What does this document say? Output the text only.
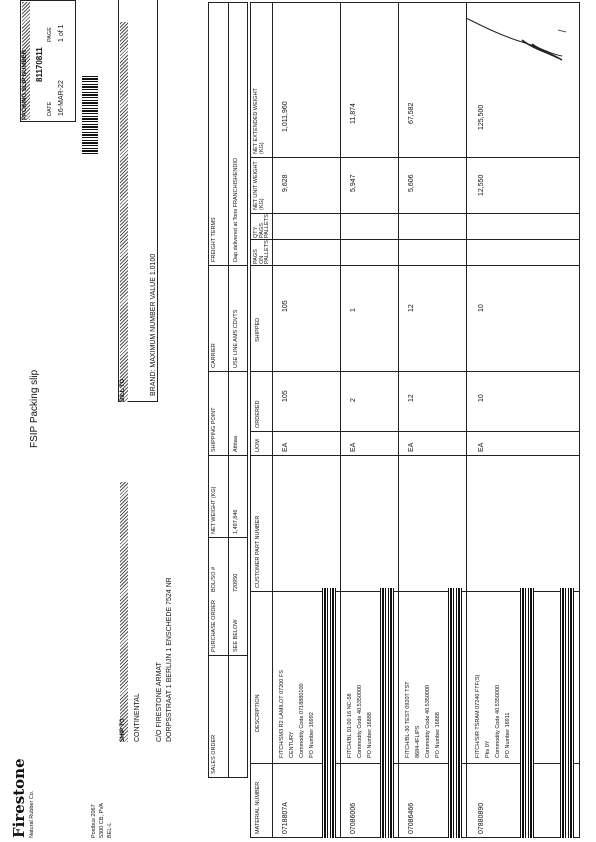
Firestone Natural Rubber Co.	Postbus 2067 5300 CB, PVA BEL-L
FSIP Packing slip
SHIP TO CONTINENTAL C/O FIRESTONE ARMAT DORPSSTRAAT 1 BERLIJN 1 ENSCHEDE 7524 NR
BILL TO	BRAND: MAXIMUM NUMBER VALUE 1.0100
PACKING SLIP NUMBER 81170811
DATE
PAGE
16-MAR-22
1 of 1
SALES ORDER
PURCHASE ORDER
BOL/SO #
NET WEIGHT (KG)
SHIPPING POINT
CARRIER
FREIGHT TERMS
SEE BELOW
720950
1,497,846
Athtaa
USE LINE AMS CDVTS
Dap delivered at Tons FRANCHISHENDIO
MATERIAL NUMBER
DESCRIPTION
CUSTOMER PART NUMBER
UOM
ORDERED
SHIPPED
PAGS ON PALLETS
QTY PAGS PALLETS
NET UNIT WEIGHT (KG)
NET EXTENDED WEIGHT (KG)
0718807A
FITCH/SM3 R2 LAMILOT 07200 FS CENTURY Commodity Code 0718880100 PO Number 16992
EA
105
105
9,628
1,011,960
07086006
FITCH/BL 01.00 16 NC-58 Commodity Code 40.5350000 PO Number 16888
EA
2
1
5,947
11,874
07086466
FITCH/BL-30 TEST 0920T TST 8684-4FLIPS Commodity Code 40.5350000 PO Number 16888
EA
12
12
5,606
67,582
07880890
FITCH/SIR TSRAM 07240 FTF(S) Pks 0Y Commodity Code 40.5350000 PO Number 16911
EA
10
10
12,550
125,500
